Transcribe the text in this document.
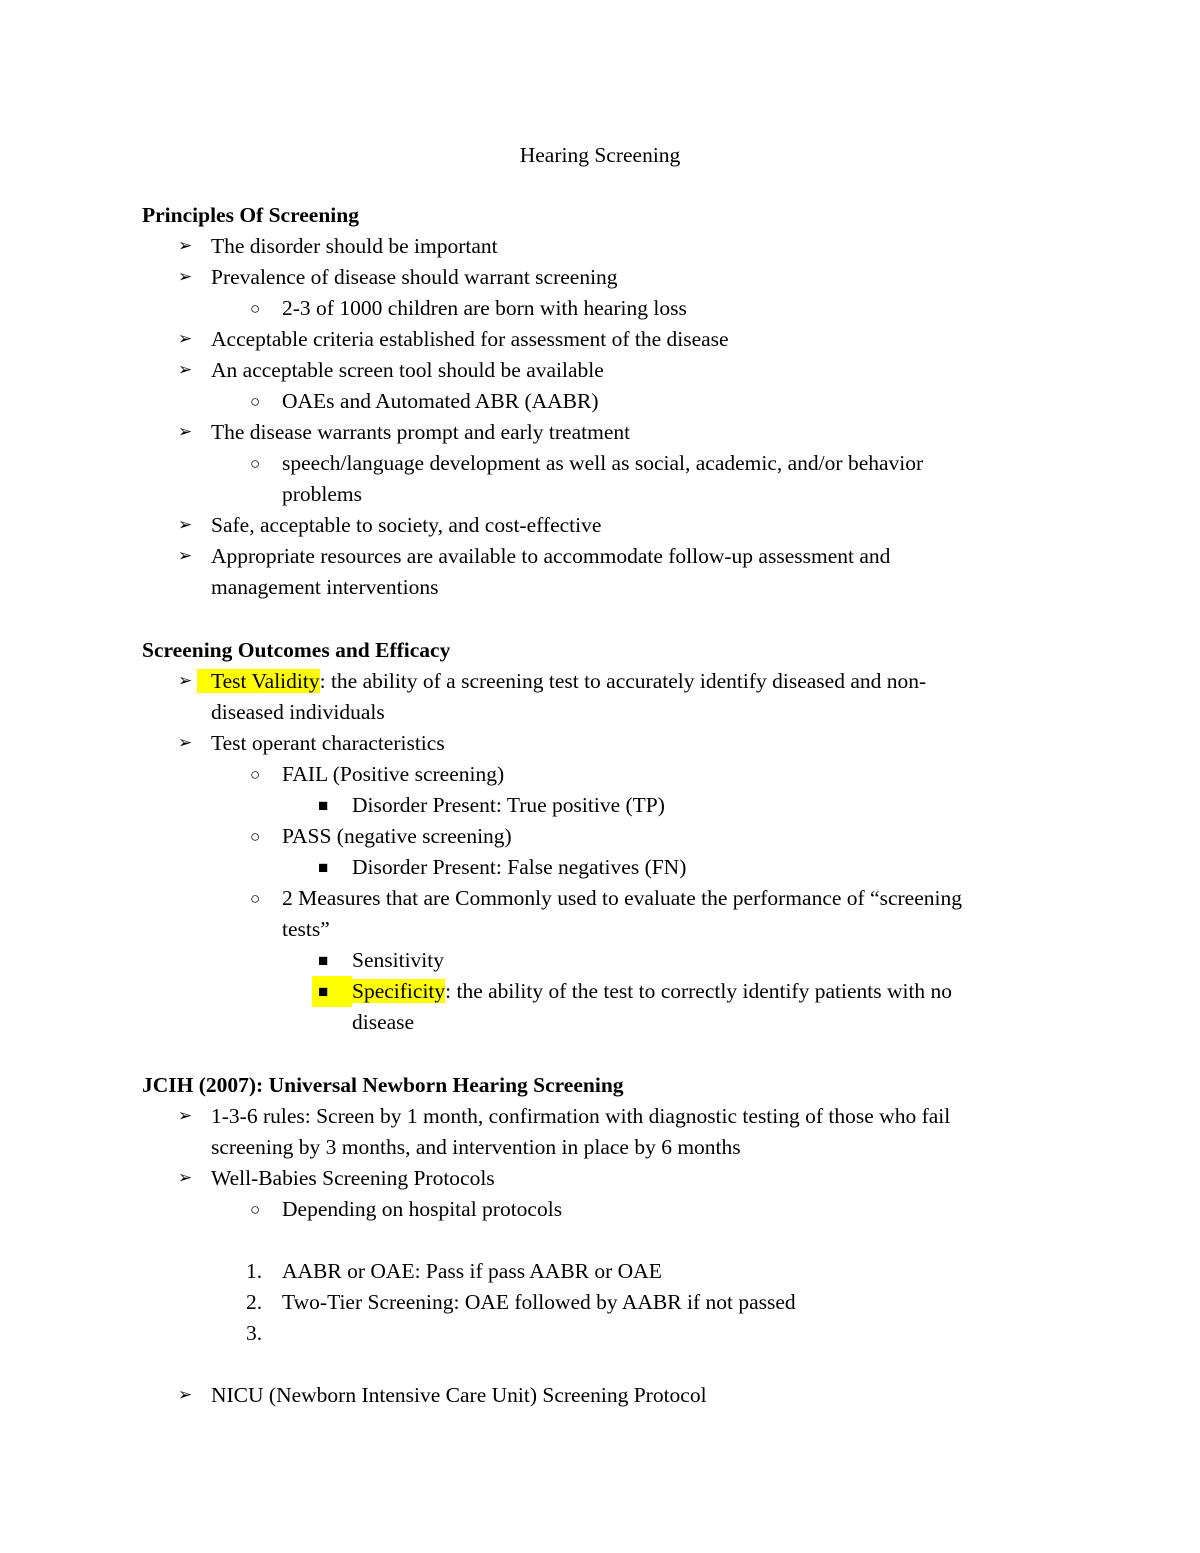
Hearing Screening
Principles Of Screening
➢ The disorder should be important
➢ Prevalence of disease should warrant screening
○ 2-3 of 1000 children are born with hearing loss
➢ Acceptable criteria established for assessment of the disease
➢ An acceptable screen tool should be available
○ OAEs and Automated ABR (AABR)
➢ The disease warrants prompt and early treatment
○ speech/language development as well as social, academic, and/or behavior
problems
➢ Safe, acceptable to society, and cost-effective
➢ Appropriate resources are available to accommodate follow-up assessment and
management interventions
Screening Outcomes and Efficacy
➢ Test Validity: the ability of a screening test to accurately identify diseased and non-
diseased individuals
➢ Test operant characteristics
○ FAIL (Positive screening)
■ Disorder Present: True positive (TP)
○ PASS (negative screening)
■ Disorder Present: False negatives (FN)
○ 2 Measures that are Commonly used to evaluate the performance of “screening
tests”
■ Sensitivity
■ Specificity: the ability of the test to correctly identify patients with no
disease
JCIH (2007): Universal Newborn Hearing Screening
➢ 1-3-6 rules: Screen by 1 month, confirmation with diagnostic testing of those who fail
screening by 3 months, and intervention in place by 6 months
➢ Well-Babies Screening Protocols
○ Depending on hospital protocols
1. AABR or OAE: Pass if pass AABR or OAE
2. Two-Tier Screening: OAE followed by AABR if not passed
3.
➢ NICU (Newborn Intensive Care Unit) Screening Protocol
